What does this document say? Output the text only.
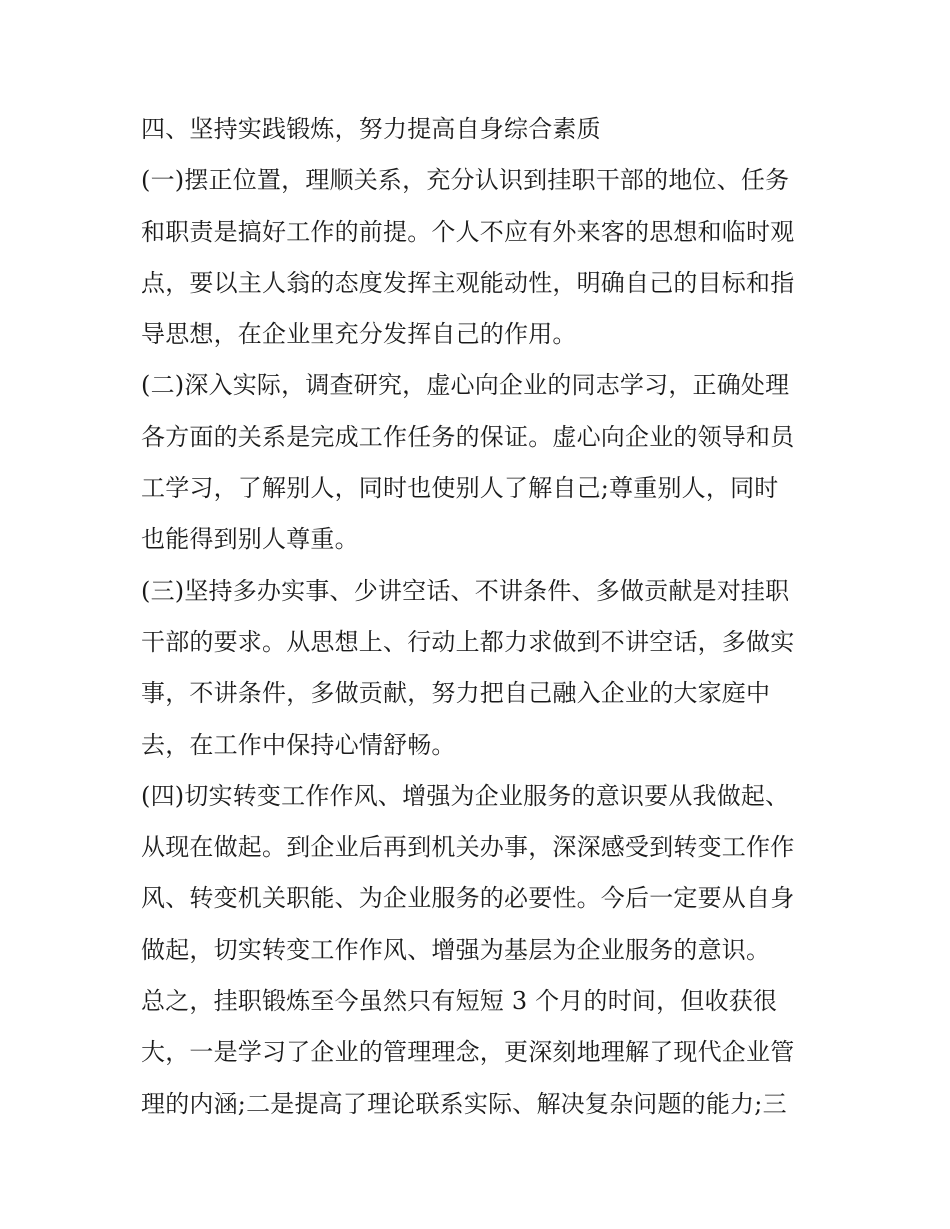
四、坚持实践锻炼，努力提高自身综合素质
(一)摆正位置，理顺关系，充分认识到挂职干部的地位、任务
和职责是搞好工作的前提。个人不应有外来客的思想和临时观
点，要以主人翁的态度发挥主观能动性，明确自己的目标和指
导思想，在企业里充分发挥自己的作用。
(二)深入实际，调查研究，虚心向企业的同志学习，正确处理
各方面的关系是完成工作任务的保证。虚心向企业的领导和员
工学习，了解别人，同时也使别人了解自己;尊重别人，同时
也能得到别人尊重。
(三)坚持多办实事、少讲空话、不讲条件、多做贡献是对挂职
干部的要求。从思想上、行动上都力求做到不讲空话，多做实
事，不讲条件，多做贡献，努力把自己融入企业的大家庭中
去，在工作中保持心情舒畅。
(四)切实转变工作作风、增强为企业服务的意识要从我做起、
从现在做起。到企业后再到机关办事，深深感受到转变工作作
风、转变机关职能、为企业服务的必要性。今后一定要从自身
做起，切实转变工作作风、增强为基层为企业服务的意识。
总之，挂职锻炼至今虽然只有短短 3 个月的时间，但收获很
大，一是学习了企业的管理理念，更深刻地理解了现代企业管
理的内涵;二是提高了理论联系实际、解决复杂问题的能力;三
